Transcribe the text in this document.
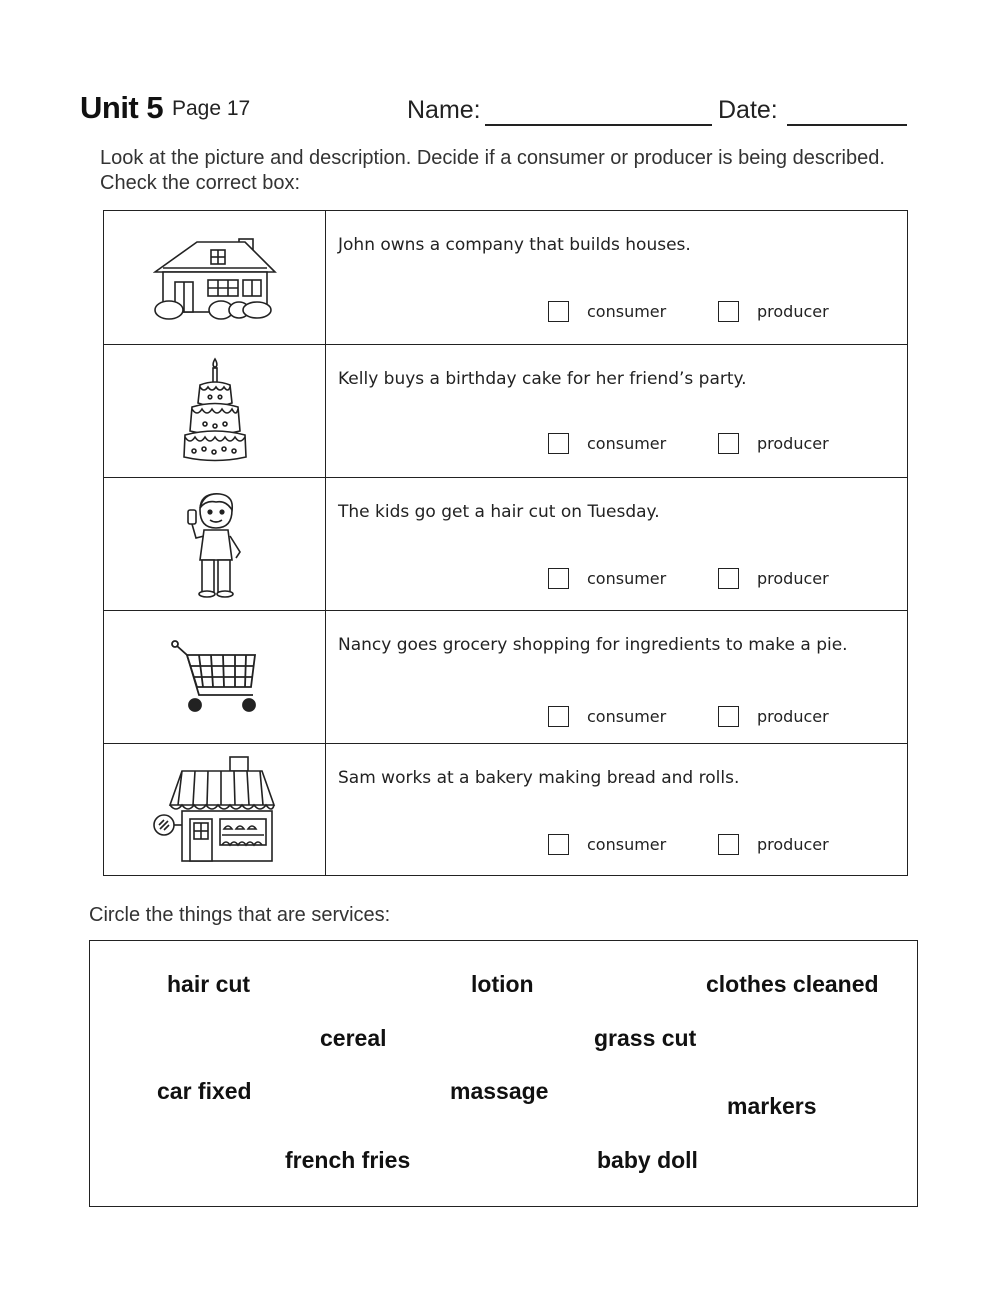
Unit 5 Page 17	Name:	Date:
Look at the picture and description. Decide if a consumer or producer is being described. Check the correct box:
John owns a company that builds houses.
consumer	producer
Kelly buys a birthday cake for her friend’s party.
consumer	producer
The kids go get a hair cut on Tuesday.
consumer	producer
Nancy goes grocery shopping for ingredients to make a pie.
consumer	producer
Sam works at a bakery making bread and rolls.
consumer	producer
Circle the things that are services:
hair cut	lotion	clothes cleaned
cereal	grass cut
car fixed	massage
markers
french fries	baby doll
